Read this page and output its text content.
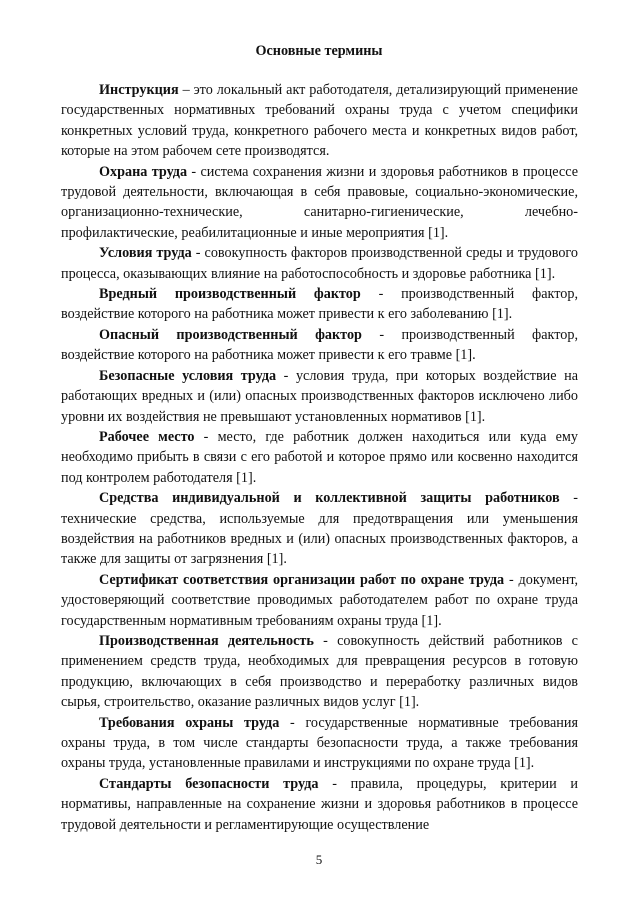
Основные термины

Инструкция – это локальный акт работодателя, детализирующий применение государственных нормативных требований охраны труда с учетом специфики конкретных условий труда, конкретного рабочего места и конкретных видов работ, которые на этом рабочем сете производятся.

Охрана труда - система сохранения жизни и здоровья работников в процессе трудовой деятельности, включающая в себя правовые, социально-экономические, организационно-технические, санитарно-гигиенические, лечебно-профилактические, реабилитационные и иные мероприятия [1].

Условия труда - совокупность факторов производственной среды и трудового процесса, оказывающих влияние на работоспособность и здоровье работника [1].

Вредный производственный фактор - производственный фактор, воздействие которого на работника может привести к его заболеванию [1].

Опасный производственный фактор - производственный фактор, воздействие которого на работника может привести к его травме [1].

Безопасные условия труда - условия труда, при которых воздействие на работающих вредных и (или) опасных производственных факторов исключено либо уровни их воздействия не превышают установленных нормативов [1].

Рабочее место - место, где работник должен находиться или куда ему необходимо прибыть в связи с его работой и которое прямо или косвенно находится под контролем работодателя [1].

Средства индивидуальной и коллективной защиты работников - технические средства, используемые для предотвращения или уменьшения воздействия на работников вредных и (или) опасных производственных факторов, а также для защиты от загрязнения [1].

Сертификат соответствия организации работ по охране труда - документ, удостоверяющий соответствие проводимых работодателем работ по охране труда государственным нормативным требованиям охраны труда [1].

Производственная деятельность - совокупность действий работников с применением средств труда, необходимых для превращения ресурсов в готовую продукцию, включающих в себя производство и переработку различных видов сырья, строительство, оказание различных видов услуг [1].

Требования охраны труда - государственные нормативные требования охраны труда, в том числе стандарты безопасности труда, а также требования охраны труда, установленные правилами и инструкциями по охране труда [1].

Стандарты безопасности труда - правила, процедуры, критерии и нормативы, направленные на сохранение жизни и здоровья работников в процессе трудовой деятельности и регламентирующие осуществление

5
